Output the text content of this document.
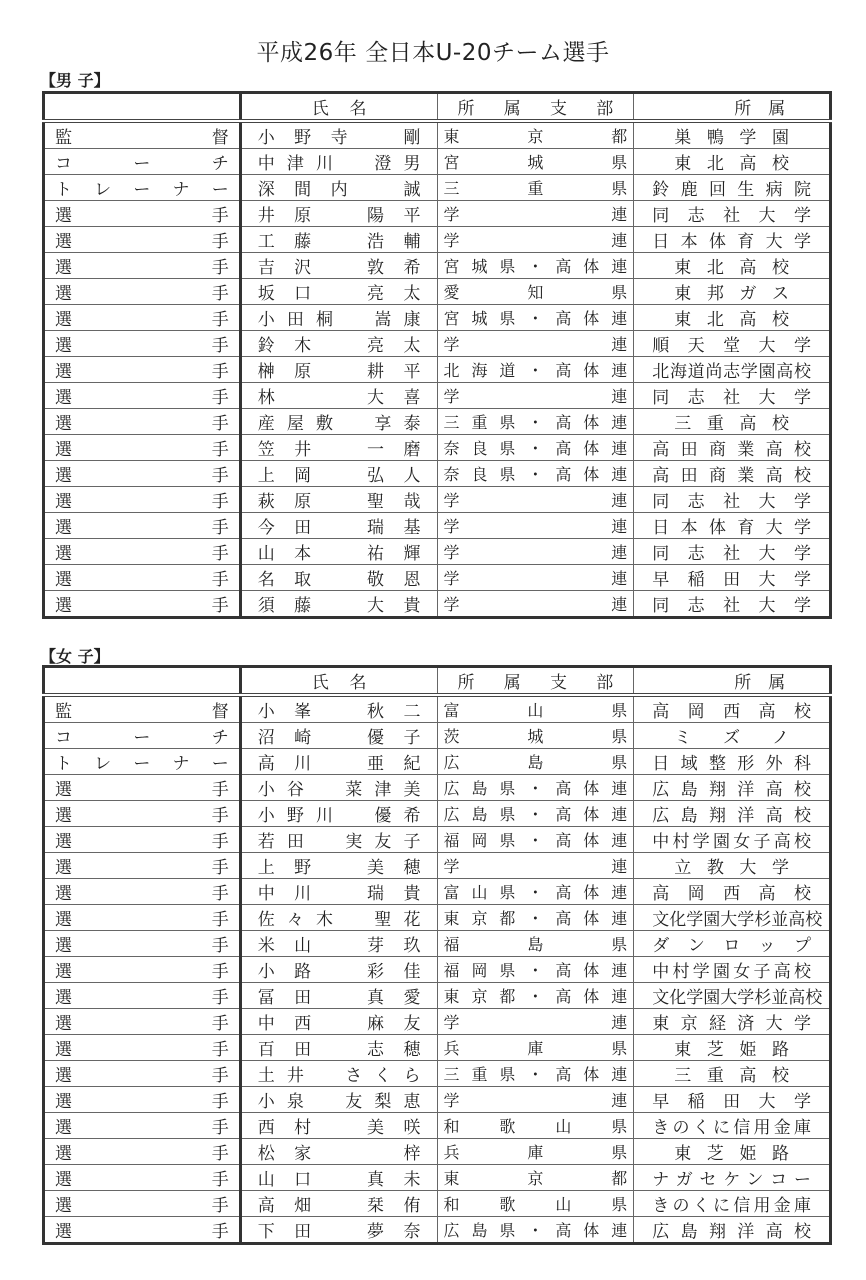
平成26年 全日本U-20チーム選手
【男 子】
	氏　名	所属支部	所　属
監　督	小野寺　剛	東京都	巣鴨学園
コーチ	中津川　澄男	宮城県	東北高校
トレーナー	深間内　誠	三重県	鈴鹿回生病院
選　手	井原　陽平	学　連	同志社大学
選　手	工藤　浩輔	学　連	日本体育大学
選　手	吉沢　敦希	宮城県・高体連	東北高校
選　手	坂口　亮太	愛知県	東邦ガス
選　手	小田桐　嵩康	宮城県・高体連	東北高校
選　手	鈴木　亮太	学　連	順天堂大学
選　手	榊原　耕平	北海道・高体連	北海道尚志学園高校
選　手	林　　大喜	学　連	同志社大学
選　手	産屋敷　享泰	三重県・高体連	三重高校
選　手	笠井　一磨	奈良県・高体連	高田商業高校
選　手	上岡　弘人	奈良県・高体連	高田商業高校
選　手	萩原　聖哉	学　連	同志社大学
選　手	今田　瑞基	学　連	日本体育大学
選　手	山本　祐輝	学　連	同志社大学
選　手	名取　敬恩	学　連	早稲田大学
選　手	須藤　大貴	学　連	同志社大学
【女 子】
	氏　名	所属支部	所　属
監　督	小峯　秋二	富山県	高岡西高校
コーチ	沼崎　優子	茨城県	ミズノ
トレーナー	高川　亜紀	広島県	日域整形外科
選　手	小谷　菜津美	広島県・高体連	広島翔洋高校
選　手	小野川　優希	広島県・高体連	広島翔洋高校
選　手	若田　実友子	福岡県・高体連	中村学園女子高校
選　手	上野　美穂	学　連	立教大学
選　手	中川　瑞貴	富山県・高体連	高岡西高校
選　手	佐々木　聖花	東京都・高体連	文化学園大学杉並高校
選　手	米山　芽玖	福島県	ダンロップ
選　手	小路　彩佳	福岡県・高体連	中村学園女子高校
選　手	冨田　真愛	東京都・高体連	文化学園大学杉並高校
選　手	中西　麻友	学　連	東京経済大学
選　手	百田　志穂	兵庫県	東芝姫路
選　手	土井　さくら	三重県・高体連	三重高校
選　手	小泉　友梨恵	学　連	早稲田大学
選　手	西村　美咲	和歌山県	きのくに信用金庫
選　手	松家　　梓	兵庫県	東芝姫路
選　手	山口　真未	東京都	ナガセケンコー
選　手	高畑　栞侑	和歌山県	きのくに信用金庫
選　手	下田　夢奈	広島県・高体連	広島翔洋高校
